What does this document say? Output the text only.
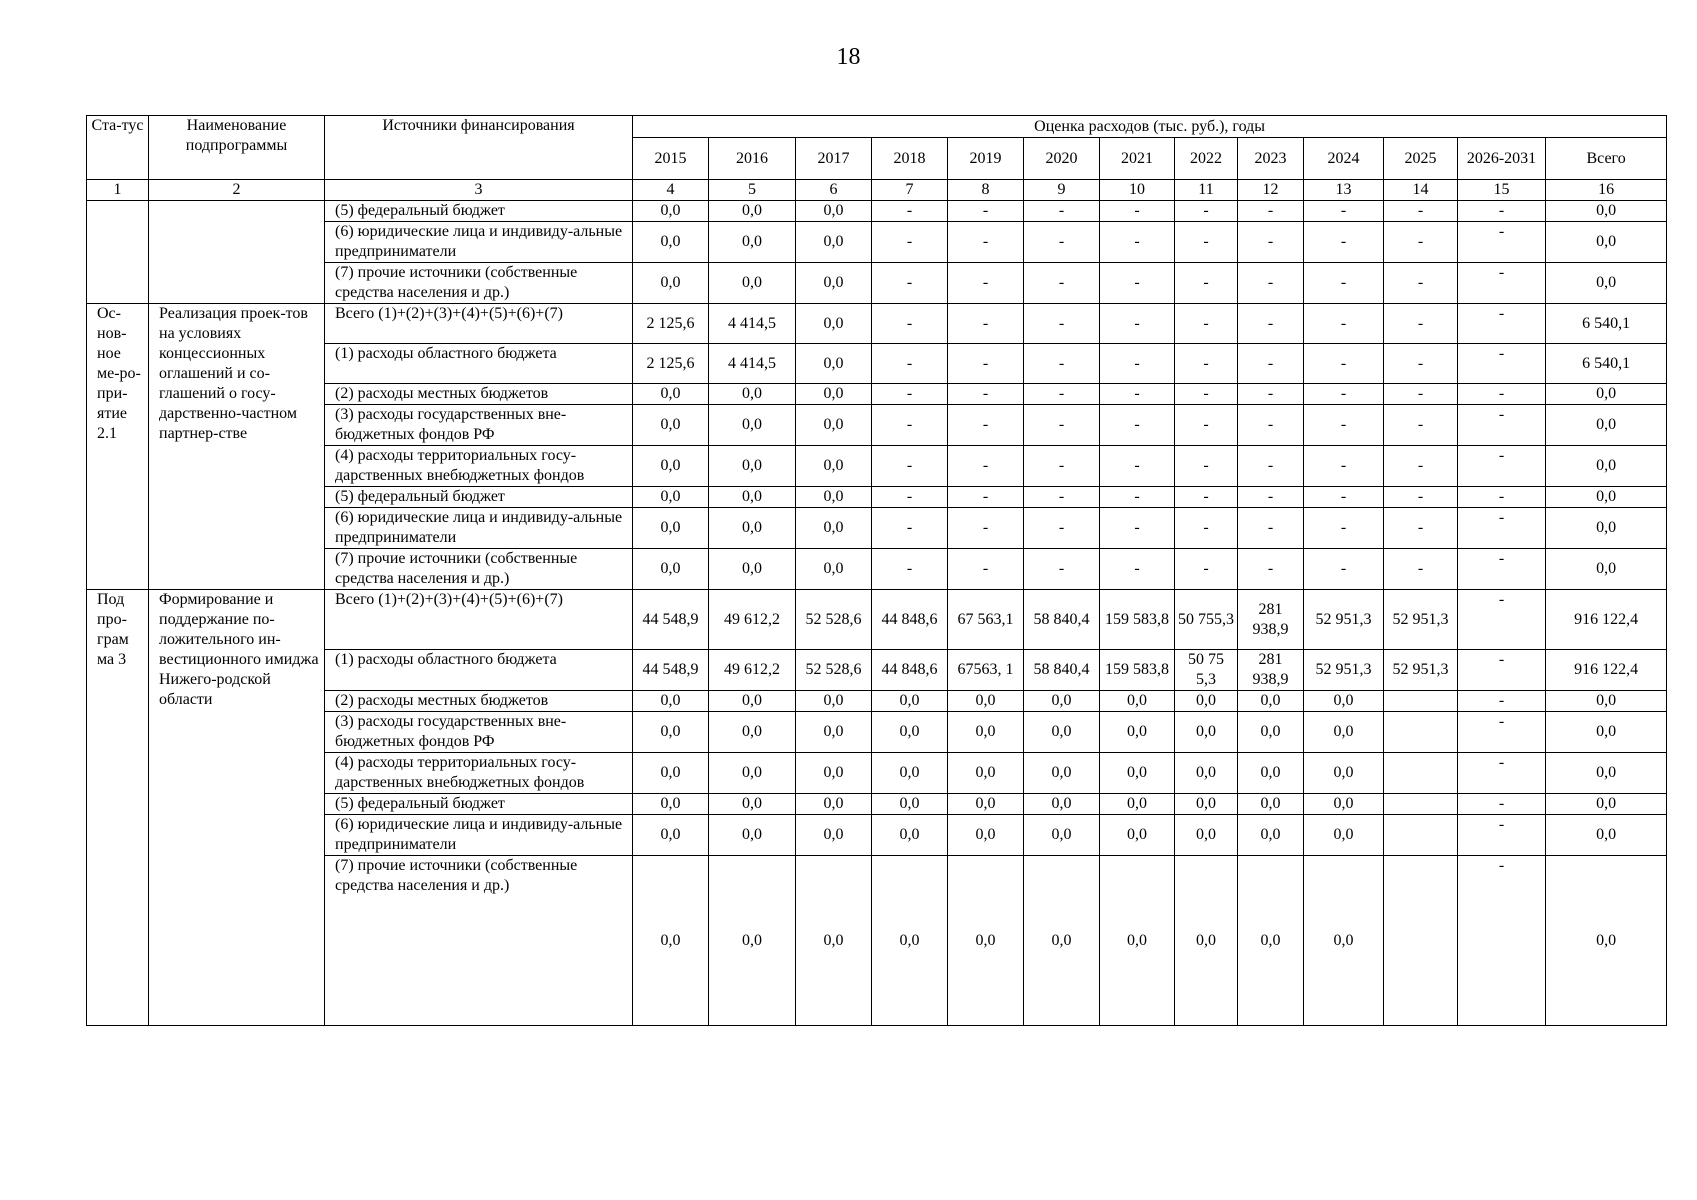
18
Ста-тус	Наименование подпрограммы	Источники финансирования	Оценка расходов (тыс. руб.), годы												
			2015	2016	2017	2018	2019	2020	2021	2022	2023	2024	2025	2026-2031	Всего
1	2	3	4	5	6	7	8	9	10	11	12	13	14	15	16
		(5) федеральный бюджет	0,0	0,0	0,0	-	-	-	-	-	-	-	-	-	0,0
		(6) юридические лица и индивиду-альные предприниматели	0,0	0,0	0,0	-	-	-	-	-	-	-	-	-	0,0
		(7) прочие источники (собственные средства населения и др.)	0,0	0,0	0,0	-	-	-	-	-	-	-	-	-	0,0
Ос-нов-ное ме-ро-при-ятие 2.1	Реализация проек-тов на условиях концессионных оглашений и со-глашений о госу-дарственно-частном партнер-стве	Всего (1)+(2)+(3)+(4)+(5)+(6)+(7)	2 125,6	4 414,5	0,0	-	-	-	-	-	-	-	-	-	6 540,1
		(1) расходы областного бюджета	2 125,6	4 414,5	0,0	-	-	-	-	-	-	-	-	-	6 540,1
		(2) расходы местных бюджетов	0,0	0,0	0,0	-	-	-	-	-	-	-	-	-	0,0
		(3) расходы государственных вне-бюджетных фондов РФ	0,0	0,0	0,0	-	-	-	-	-	-	-	-	-	0,0
		(4) расходы территориальных госу-дарственных внебюджетных фондов	0,0	0,0	0,0	-	-	-	-	-	-	-	-	-	0,0
		(5) федеральный бюджет	0,0	0,0	0,0	-	-	-	-	-	-	-	-	-	0,0
		(6) юридические лица и индивиду-альные предприниматели	0,0	0,0	0,0	-	-	-	-	-	-	-	-	-	0,0
		(7) прочие источники (собственные средства населения и др.)	0,0	0,0	0,0	-	-	-	-	-	-	-	-	-	0,0
Под про-грам ма 3	Формирование и поддержание по-ложительного ин-вестиционного имиджа Нижего-родской области	Всего (1)+(2)+(3)+(4)+(5)+(6)+(7)	44 548,9	49 612,2	52 528,6	44 848,6	67 563,1	58 840,4	159 583,8	50 755,3	281 938,9	52 951,3	52 951,3	-	916 122,4
		(1) расходы областного бюджета	44 548,9	49 612,2	52 528,6	44 848,6	67563, 1	58 840,4	159 583,8	50 75 5,3	281 938,9	52 951,3	52 951,3	-	916 122,4
		(2) расходы местных бюджетов	0,0	0,0	0,0	0,0	0,0	0,0	0,0	0,0	0,0	0,0		-	0,0
		(3) расходы государственных вне-бюджетных фондов РФ	0,0	0,0	0,0	0,0	0,0	0,0	0,0	0,0	0,0	0,0		-	0,0
		(4) расходы территориальных госу-дарственных внебюджетных фондов	0,0	0,0	0,0	0,0	0,0	0,0	0,0	0,0	0,0	0,0		-	0,0
		(5) федеральный бюджет	0,0	0,0	0,0	0,0	0,0	0,0	0,0	0,0	0,0	0,0		-	0,0
		(6) юридические лица и индивиду-альные предприниматели	0,0	0,0	0,0	0,0	0,0	0,0	0,0	0,0	0,0	0,0		-	0,0
		(7) прочие источники (собственные средства населения и др.)	0,0	0,0	0,0	0,0	0,0	0,0	0,0	0,0	0,0	0,0		-	0,0
